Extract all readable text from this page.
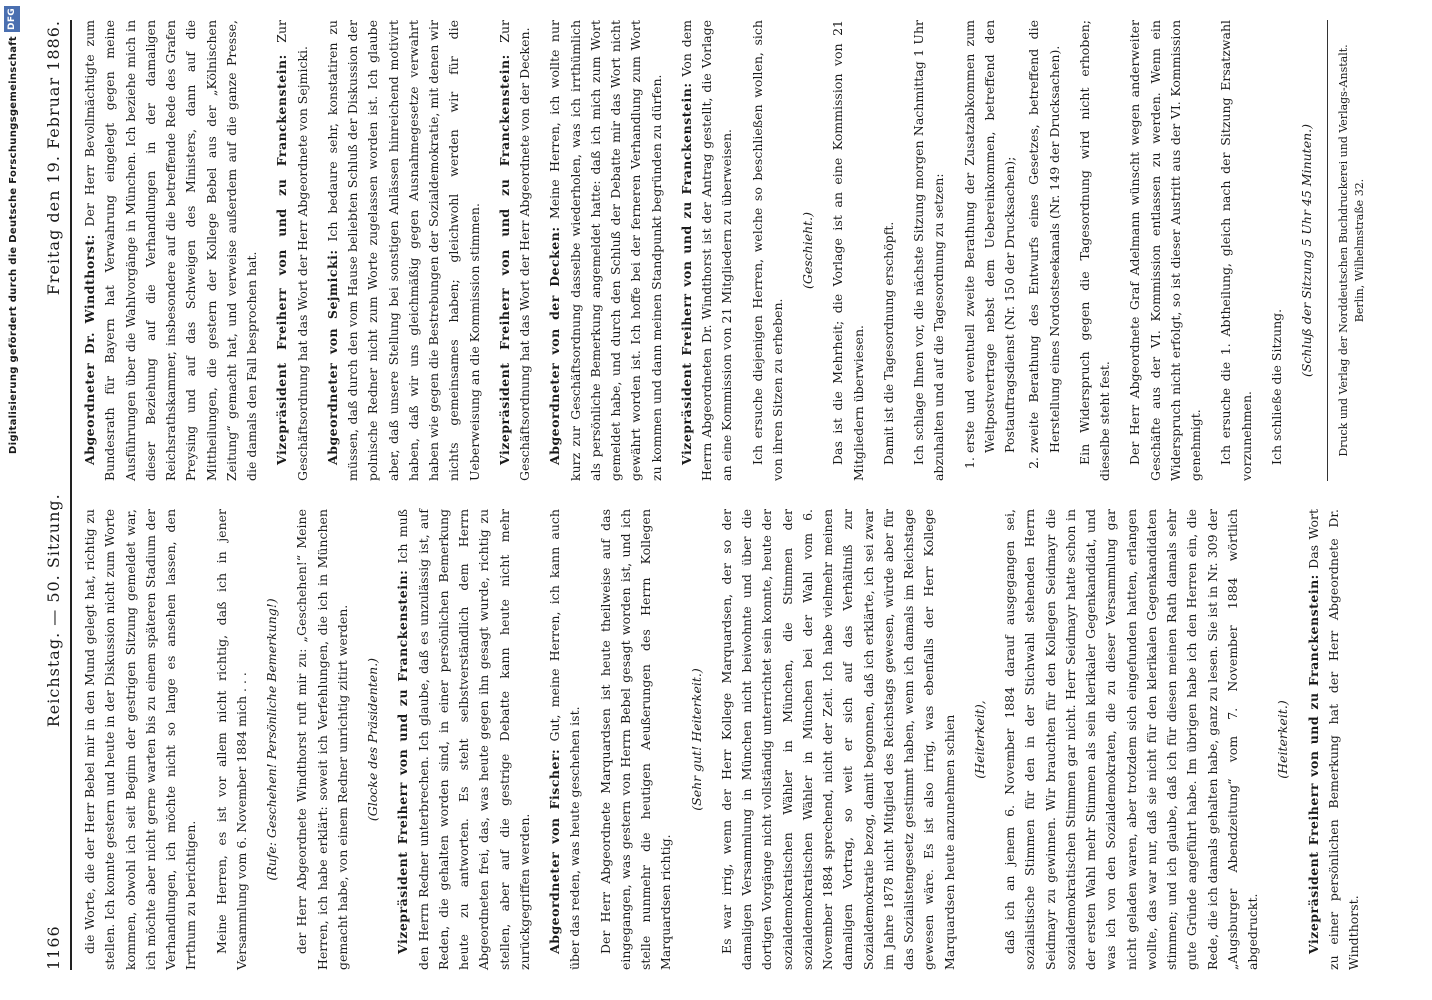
Digitalisierung gefördert durch die Deutsche Forschungsgemeinschaft
DFG
1166
Reichstag. — 50. Sitzung.
Freitag den 19. Februar 1886.

die Worte, die der Herr Bebel mir in den Mund gelegt hat, richtig zu stellen. Ich konnte gestern und heute in der Diskussion nicht zum Worte kommen, obwohl ich seit Beginn der gestrigen Sitzung gemeldet war, ich möchte aber nicht gerne warten bis zu einem späteren Stadium der Verhandlungen, ich möchte nicht so lange es ansehen lassen, den Irrthum zu berichtigen. Meine Herren, es ist vor allem nicht richtig, daß ich in jener Versammlung vom 6. November 1884 mich . . . (Rufe: Geschehen! Persönliche Bemerkung!) der Herr Abgeordnete Windthorst ruft mir zu: „Geschehen!“ Meine Herren, ich habe erklärt: soweit ich Verfehlungen, die ich in München gemacht habe, von einem Redner unrichtig zitirt werden. (Glocke des Präsidenten.) Vizepräsident Freiherr von und zu Franckenstein: Ich muß den Herrn Redner unterbrechen. Ich glaube, daß es unzulässig ist, auf Reden, die gehalten worden sind, in einer persönlichen Bemerkung heute zu antworten. Es steht selbstverständlich dem Herrn Abgeordneten frei, das, was heute gegen ihn gesagt wurde, richtig zu stellen, aber auf die gestrige Debatte kann heute nicht mehr zurückgegriffen werden. Abgeordneter von Fischer: Gut, meine Herren, ich kann auch über das reden, was heute geschehen ist. Der Herr Abgeordnete Marquardsen ist heute theilweise auf das eingegangen, was gestern von Herrn Bebel gesagt worden ist, und ich stelle nunmehr die heutigen Aeußerungen des Herrn Kollegen Marquardsen richtig.

(Sehr gut! Heiterkeit.) Es war irrig, wenn der Herr Kollege Marquardsen, der so der damaligen Versammlung in München nicht beiwohnte und über die dortigen Vorgänge nicht vollständig unterrichtet sein konnte, heute der sozialdemokratischen Wähler in München, die Stimmen der sozialdemokratischen Wähler in München bei der Wahl vom 6. November 1884 sprechend, nicht der Zeit. Ich habe vielmehr meinen damaligen Vortrag, so weit er sich auf das Verhältniß zur Sozialdemokratie bezog, damit begonnen, daß ich erklärte, ich sei zwar im Jahre 1878 nicht Mitglied des Reichstags gewesen, würde aber für das Sozialistengesetz gestimmt haben, wenn ich damals im Reichstage gewesen wäre. Es ist also irrig, was ebenfalls der Herr Kollege Marquardsen heute anzunehmen schien (Heiterkeit), daß ich an jenem 6. November 1884 darauf ausgegangen sei, sozialistische Stimmen für den in der Stichwahl stehenden Herrn Seidmayr zu gewinnen. Wir brauchten für den Kollegen Seidmayr die sozialdemokratischen Stimmen gar nicht. Herr Seidmayr hatte schon in der ersten Wahl mehr Stimmen als sein klerikaler Gegenkandidat, und was ich von den Sozialdemokraten, die zu dieser Versammlung gar nicht geladen waren, aber trotzdem sich eingefunden hatten, erlangen wollte, das war nur, daß sie nicht für den klerikalen Gegenkandidaten stimmen; und ich glaube, daß ich für diesen meinen Rath damals sehr gute Gründe angeführt habe. Im übrigen habe ich den Herren ein, die Rede, die ich damals gehalten habe, ganz zu lesen. Sie ist in Nr. 309 der „Augsburger Abendzeitung“ vom 7. November 1884 wörtlich abgedruckt.

(Heiterkeit.) Vizepräsident Freiherr von und zu Franckenstein: Das Wort zu einer persönlichen Bemerkung hat der Herr Abgeordnete Dr. Windthorst.

Abgeordneter Dr. Windthorst: Der Herr Bevollmächtigte zum Bundesrath für Bayern hat Verwahrung eingelegt gegen meine Ausführungen über die Wahlvorgänge in München. Ich beziehe mich in dieser Beziehung auf die Verhandlungen in der damaligen Reichsrathskammer, insbesondere auf die betreffende Rede des Grafen Preysing und auf das Schweigen des Ministers, dann auf die Mittheilungen, die gestern der Kollege Bebel aus der „Kölnischen Zeitung“ gemacht hat, und verweise außerdem auf die ganze Presse, die damals den Fall besprochen hat. Vizepräsident Freiherr von und zu Franckenstein: Zur Geschäftsordnung hat das Wort der Herr Abgeordnete von Sejmicki. Abgeordneter von Sejmicki: Ich bedaure sehr, konstatiren zu müssen, daß durch den vom Hause beliebten Schluß der Diskussion der polnische Redner nicht zum Worte zugelassen worden ist. Ich glaube aber, daß unsere Stellung bei sonstigen Anlässen hinreichend motivirt haben, daß wir uns gleichmäßig gegen Ausnahmegesetze verwahrt haben wie gegen die Bestrebungen der Sozialdemokratie, mit denen wir nichts gemeinsames haben; gleichwohl werden wir für die Ueberweisung an die Kommission stimmen. Vizepräsident Freiherr von und zu Franckenstein: Zur Geschäftsordnung hat das Wort der Herr Abgeordnete von der Decken. Abgeordneter von der Decken: Meine Herren, ich wollte nur kurz zur Geschäftsordnung dasselbe wiederholen, was ich irrthümlich als persönliche Bemerkung angemeldet hatte: daß ich mich zum Wort gemeldet habe, und durch den Schluß der Debatte mir das Wort nicht gewährt worden ist. Ich hoffe bei der ferneren Verhandlung zum Wort zu kommen und dann meinen Standpunkt begründen zu dürfen. Vizepräsident Freiherr von und zu Franckenstein: Von dem Herrn Abgeordneten Dr. Windthorst ist der Antrag gestellt, die Vorlage an eine Kommission von 21 Mitgliedern zu überweisen. Ich ersuche diejenigen Herren, welche so beschließen wollen, sich von ihren Sitzen zu erheben.

(Geschieht.) Das ist die Mehrheit; die Vorlage ist an eine Kommission von 21 Mitgliedern überwiesen. Damit ist die Tagesordnung erschöpft. Ich schlage Ihnen vor, die nächste Sitzung morgen Nachmittag 1 Uhr abzuhalten und auf die Tagesordnung zu setzen: 1. erste und eventuell zweite Berathung der Zusatzabkommen zum Weltpostvertrage nebst dem Uebereinkommen, betreffend den Postauftragsdienst (Nr. 150 der Drucksachen); 2. zweite Berathung des Entwurfs eines Gesetzes, betreffend die Herstellung eines Nordostseekanals (Nr. 149 der Drucksachen). Ein Widerspruch gegen die Tagesordnung wird nicht erhoben; dieselbe steht fest. Der Herr Abgeordnete Graf Adelmann wünscht wegen anderweiter Geschäfte aus der VI. Kommission entlassen zu werden. Wenn ein Widerspruch nicht erfolgt, so ist dieser Austritt aus der VI. Kommission genehmigt. Ich ersuche die 1. Abtheilung, gleich nach der Sitzung Ersatzwahl vorzunehmen. Ich schließe die Sitzung.

(Schluß der Sitzung 5 Uhr 45 Minuten.) Druck und Verlag der Norddeutschen Buchdruckerei und Verlags-Anstalt. Berlin, Wilhelmstraße 32.
